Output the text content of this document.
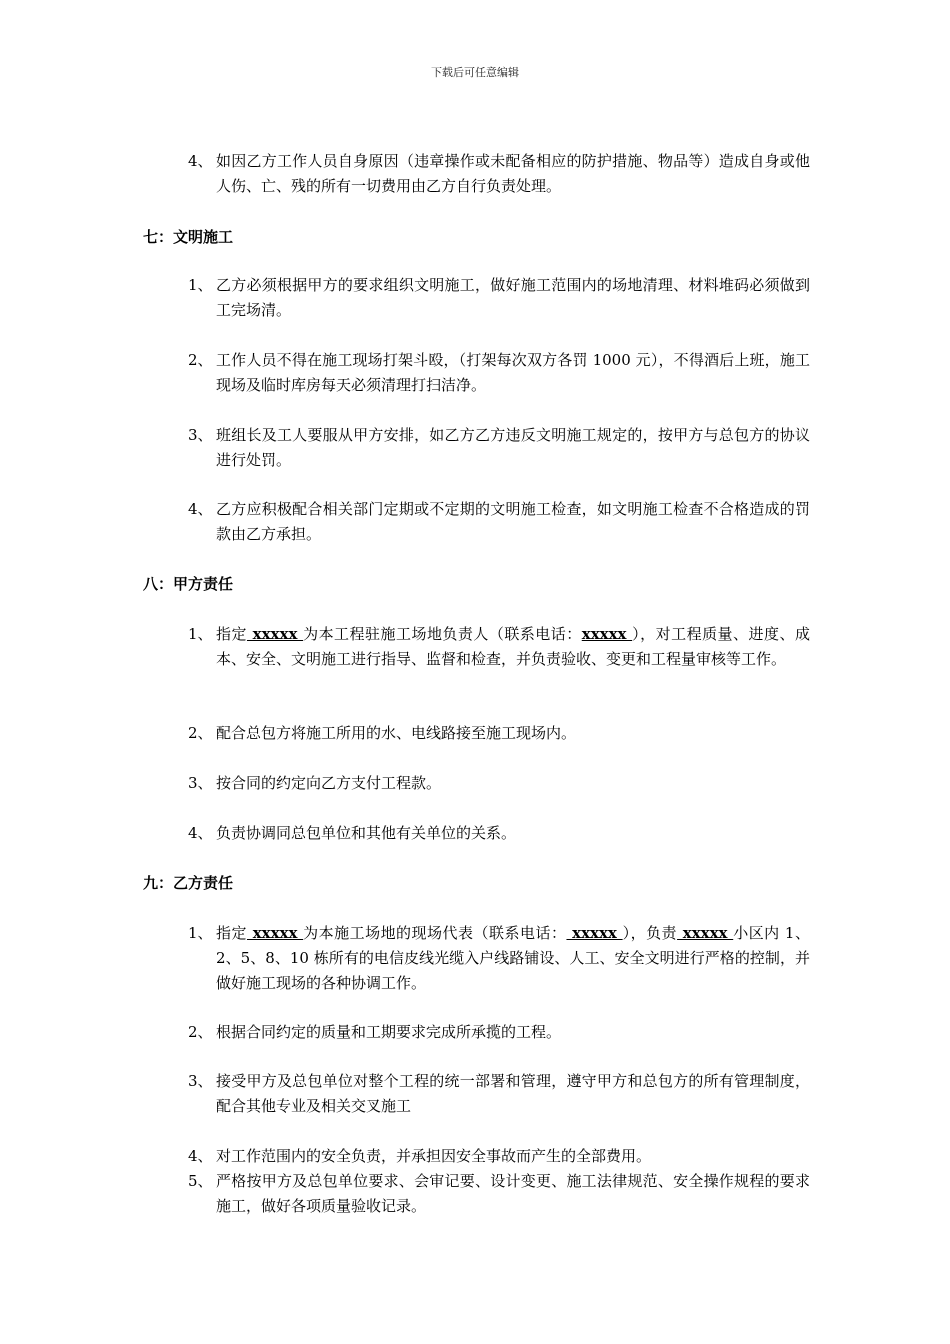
下载后可任意编辑
4、 如因乙方工作人员自身原因（违章操作或未配备相应的防护措施、物品等）造成自身或他人伤、亡、残的所有一切费用由乙方自行负责处理。
七：文明施工
1、 乙方必须根据甲方的要求组织文明施工，做好施工范围内的场地清理、材料堆码必须做到工完场清。
2、 工作人员不得在施工现场打架斗殴，（打架每次双方各罚 1000 元），不得酒后上班，施工现场及临时库房每天必须清理打扫洁净。
3、 班组长及工人要服从甲方安排，如乙方乙方违反文明施工规定的，按甲方与总包方的协议进行处罚。
4、 乙方应积极配合相关部门定期或不定期的文明施工检查，如文明施工检查不合格造成的罚款由乙方承担。
八：甲方责任
1、 指定 xxxxx 为本工程驻施工场地负责人（联系电话：xxxxx ），对工程质量、进度、成本、安全、文明施工进行指导、监督和检查，并负责验收、变更和工程量审核等工作。
2、 配合总包方将施工所用的水、电线路接至施工现场内。
3、 按合同的约定向乙方支付工程款。
4、 负责协调同总包单位和其他有关单位的关系。
九：乙方责任
1、 指定 xxxxx 为本施工场地的现场代表（联系电话： xxxxx ），负责 xxxxx 小区内 1、2、5、8、10 栋所有的电信皮线光缆入户线路铺设、人工、安全文明进行严格的控制，并做好施工现场的各种协调工作。
2、 根据合同约定的质量和工期要求完成所承揽的工程。
3、 接受甲方及总包单位对整个工程的统一部署和管理，遵守甲方和总包方的所有管理制度，配合其他专业及相关交叉施工
4、 对工作范围内的安全负责，并承担因安全事故而产生的全部费用。
5、 严格按甲方及总包单位要求、会审记要、设计变更、施工法律规范、安全操作规程的要求施工，做好各项质量验收记录。
